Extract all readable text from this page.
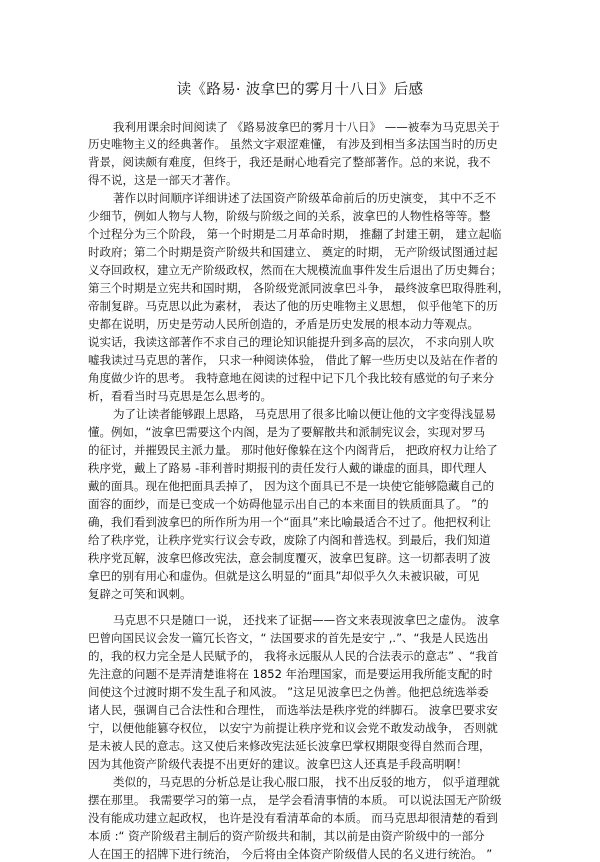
读《路易· 波拿巴的雾月十八日》后感
我利用课余时间阅读了 《路易波拿巴的雾月十八日》 ——被奉为马克思关于
历史唯物主义的经典著作。 虽然文字艰涩难懂， 有涉及到相当多法国当时的历史
背景，阅读颇有难度，但终于，我还是耐心地看完了整部著作。总的来说，我不
得不说，这是一部天才著作。
著作以时间顺序详细讲述了法国资产阶级革命前后的历史演变， 其中不乏不
少细节，例如人物与人物，阶级与阶级之间的关系，波拿巴的人物性格等等。整
个过程分为三个阶段， 第一个时期是二月革命时期， 推翻了封建王朝， 建立起临
时政府；第二个时期是资产阶级共和国建立、 奠定的时期， 无产阶级试图通过起
义夺回政权，建立无产阶级政权，然而在大规模流血事件发生后退出了历史舞台；
第三个时期是立宪共和国时期， 各阶级党派同波拿巴斗争， 最终波拿巴取得胜利，
帝制复辟。马克思以此为素材， 表达了他的历史唯物主义思想， 似乎他笔下的历
史都在说明，历史是劳动人民所创造的，矛盾是历史发展的根本动力等观点。
说实话，我读这部著作不求自己的理论知识能提升到多高的层次， 不求向别人吹
嘘我读过马克思的著作， 只求一种阅读体验， 借此了解一些历史以及站在作者的
角度做少许的思考。 我特意地在阅读的过程中记下几个我比较有感觉的句子来分
析，看看当时马克思是怎么思考的。
为了让读者能够跟上思路， 马克思用了很多比喻以便让他的文字变得浅显易
懂。例如，“波拿巴需要这个内阁，是为了要解散共和派制宪议会，实现对罗马
的征讨，并摧毁民主派力量。 那时他好像躲在这个内阁背后， 把政府权力让给了
秩序党，戴上了路易 -菲利普时期报刊的责任发行人戴的谦虚的面具，即代理人
戴的面具。现在他把面具丢掉了， 因为这个面具已不是一块使它能够隐藏自己的
面容的面纱，而是已变成一个妨碍他显示出自己的本来面目的铁质面具了。 ”的
确，我们看到波拿巴的所作所为用一个“面具”来比喻最适合不过了。他把权利让
给了秩序党，让秩序党实行议会专政，废除了内阁和普选权。到最后，我们知道
秩序党瓦解，波拿巴修改宪法，意会制度覆灭，波拿巴复辟。这一切都表明了波
拿巴的别有用心和虚伪。但就是这么明显的“面具”却似乎久久未被识破，可见
复辟之可笑和讽刺。
马克思不只是随口一说， 还找来了证据——咨文来表现波拿巴之虚伪。 波拿
巴曾向国民议会发一篇冗长咨文，“ 法国要求的首先是安宁 ,.”、“我是人民选出
的，我的权力完全是人民赋予的， 我将永远服从人民的合法表示的意志” 、“我首
先注意的问题不是弄清楚谁将在 1852 年治理国家，而是要运用我所能支配的时
间使这个过渡时期不发生乱子和风波。 ”这足见波拿巴之伪善。他把总统选举委
诸人民，强调自己合法性和合理性， 而选举法是秩序党的绊脚石。 波拿巴要求安
宁，以便他能篡夺权位， 以安宁为前提让秩序党和议会党不敢发动战争， 否则就
是未被人民的意志。这又使后来修改宪法延长波拿巴掌权期限变得自然而合理，
因为其他资产阶级代表提不出更好的建议。波拿巴这人还真是手段高明啊！
类似的，马克思的分析总是让我心服口服， 找不出反驳的地方， 似乎道理就
摆在那里。 我需要学习的第一点， 是学会看清事情的本质。 可以说法国无产阶级
没有能成功建立起政权， 也许是没有看清革命的本质。 而马克思却很清楚的看到
本质 :“ 资产阶级君主制后的资产阶级共和制，其以前是由资产阶级中的一部分
人在国王的招牌下进行统治， 今后将由全体资产阶级借人民的名义进行统治。 ”
